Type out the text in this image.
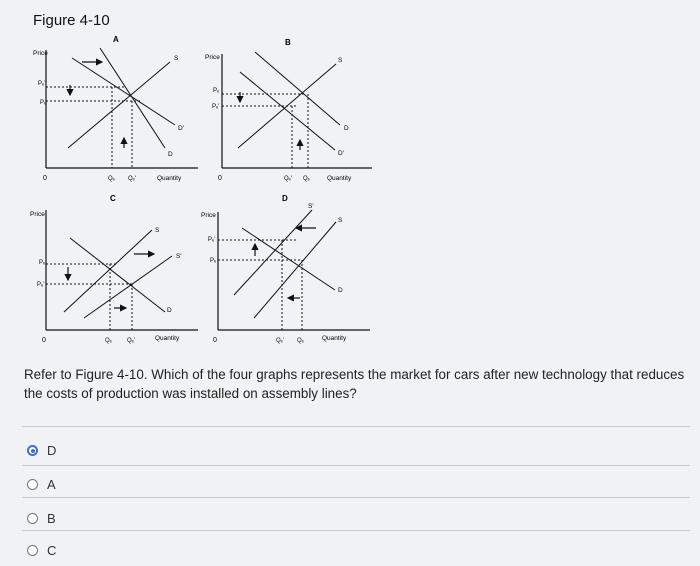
Figure 4-10
A
Price
0
S
D'
D
Pₑ'
Pₑ
Qₑ Qₑ'	Quantity
B
Price
0
S
D
D'
Pₑ
Pₑ'
Qₑ' Qₑ	Quantity
C
Price
0
S
S'
D
Pₑ
Pₑ'
Qₑ	Qₑ'	Quantity
D
Price
0
S'
S
D
Pₑ'
Pₑ
Qₑ' Qₑ	Quantity
Refer to Figure 4-10. Which of the four graphs represents the market for cars after new technology that reduces the costs of production was installed on assembly lines?
D
A
B
C
